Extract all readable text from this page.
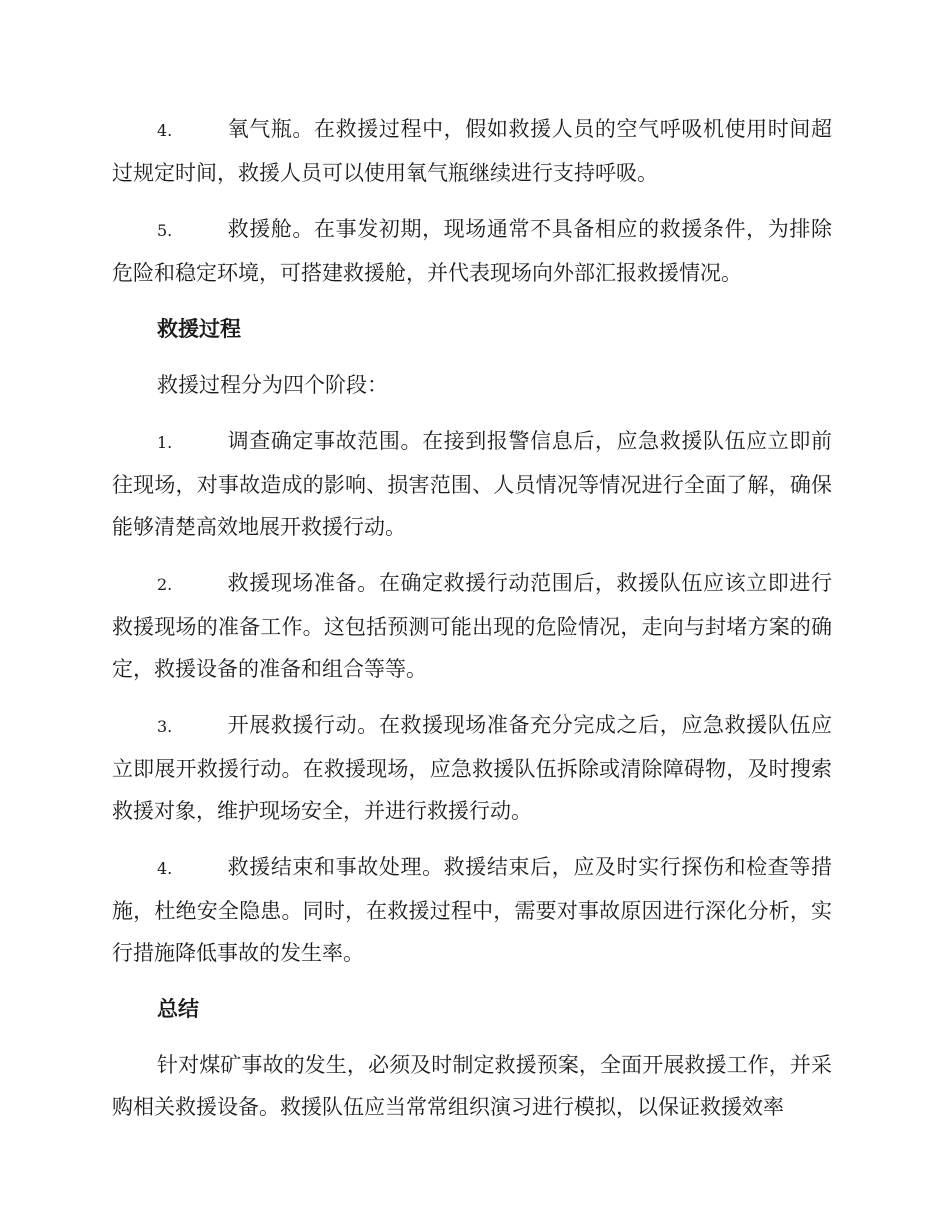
4.	氧气瓶。在救援过程中，假如救援人员的空气呼吸机使用时间超过规定时间，救援人员可以使用氧气瓶继续进行支持呼吸。

5.	救援舱。在事发初期，现场通常不具备相应的救援条件，为排除危险和稳定环境，可搭建救援舱，并代表现场向外部汇报救援情况。

救援过程

救援过程分为四个阶段：

1.	调查确定事故范围。在接到报警信息后，应急救援队伍应立即前往现场，对事故造成的影响、损害范围、人员情况等情况进行全面了解，确保能够清楚高效地展开救援行动。

2.	救援现场准备。在确定救援行动范围后，救援队伍应该立即进行救援现场的准备工作。这包括预测可能出现的危险情况，走向与封堵方案的确定，救援设备的准备和组合等等。

3.	开展救援行动。在救援现场准备充分完成之后，应急救援队伍应立即展开救援行动。在救援现场，应急救援队伍拆除或清除障碍物，及时搜索救援对象，维护现场安全，并进行救援行动。

4.	救援结束和事故处理。救援结束后，应及时实行探伤和检查等措施，杜绝安全隐患。同时，在救援过程中，需要对事故原因进行深化分析，实行措施降低事故的发生率。

总结

针对煤矿事故的发生，必须及时制定救援预案，全面开展救援工作，并采购相关救援设备。救援队伍应当常常组织演习进行模拟，以保证救援效率
